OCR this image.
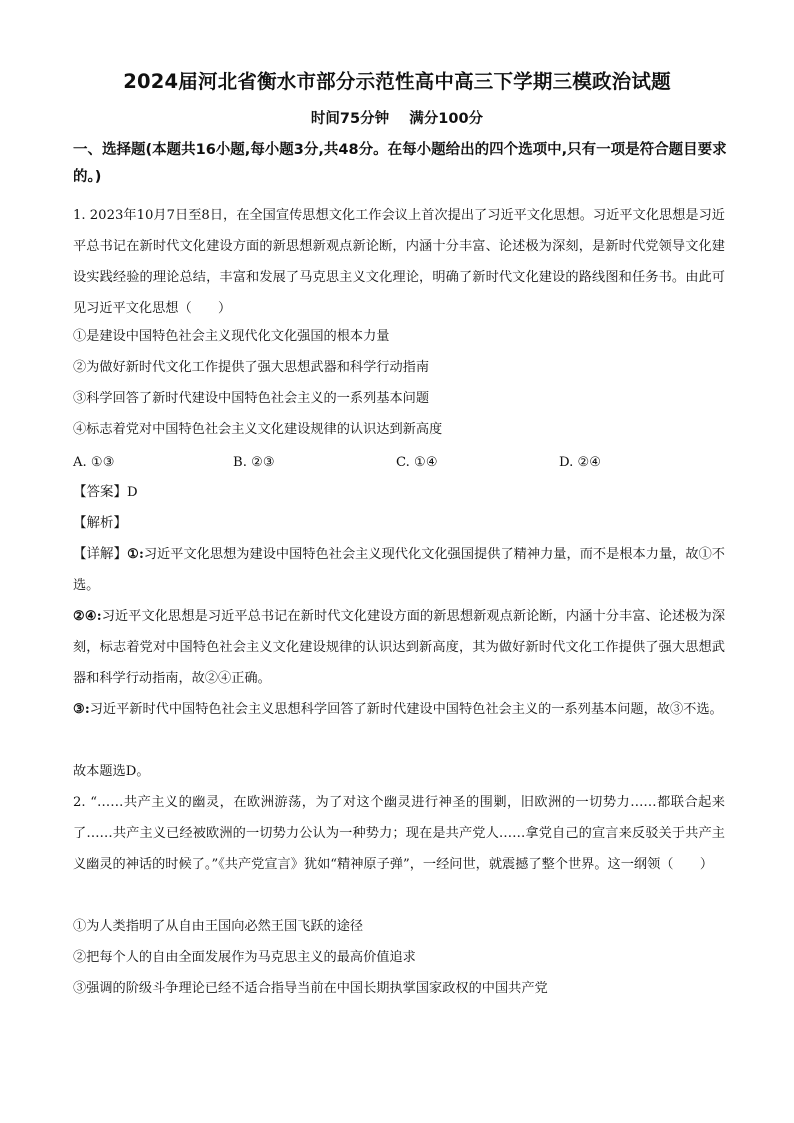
2024届河北省衡水市部分示范性高中高三下学期三模政治试题
时间75分钟    满分100分
一、选择题(本题共16小题,每小题3分,共48分。在每小题给出的四个选项中,只有一项是符合题目要求的。)
1. 2023年10月7日至8日，在全国宣传思想文化工作会议上首次提出了习近平文化思想。习近平文化思想是习近平总书记在新时代文化建设方面的新思想新观点新论断，内涵十分丰富、论述极为深刻，是新时代党领导文化建设实践经验的理论总结，丰富和发展了马克思主义文化理论，明确了新时代文化建设的路线图和任务书。由此可见习近平文化思想（　　）
①是建设中国特色社会主义现代化文化强国的根本力量
②为做好新时代文化工作提供了强大思想武器和科学行动指南
③科学回答了新时代建设中国特色社会主义的一系列基本问题
④标志着党对中国特色社会主义文化建设规律的认识达到新高度
A. ①③	B. ②③	C. ①④	D. ②④
【答案】D
【解析】
【详解】①:习近平文化思想为建设中国特色社会主义现代化文化强国提供了精神力量，而不是根本力量，故①不选。
②④:习近平文化思想是习近平总书记在新时代文化建设方面的新思想新观点新论断，内涵十分丰富、论述极为深刻，标志着党对中国特色社会主义文化建设规律的认识达到新高度，其为做好新时代文化工作提供了强大思想武器和科学行动指南，故②④正确。
③:习近平新时代中国特色社会主义思想科学回答了新时代建设中国特色社会主义的一系列基本问题，故③不选。
故本题选D。
2. “……共产主义的幽灵，在欧洲游荡，为了对这个幽灵进行神圣的围剿，旧欧洲的一切势力……都联合起来了……共产主义已经被欧洲的一切势力公认为一种势力；现在是共产党人……拿党自己的宣言来反驳关于共产主义幽灵的神话的时候了。”《共产党宣言》犹如“精神原子弹”，一经问世，就震撼了整个世界。这一纲领（　　）
①为人类指明了从自由王国向必然王国飞跃的途径
②把每个人的自由全面发展作为马克思主义的最高价值追求
③强调的阶级斗争理论已经不适合指导当前在中国长期执掌国家政权的中国共产党
